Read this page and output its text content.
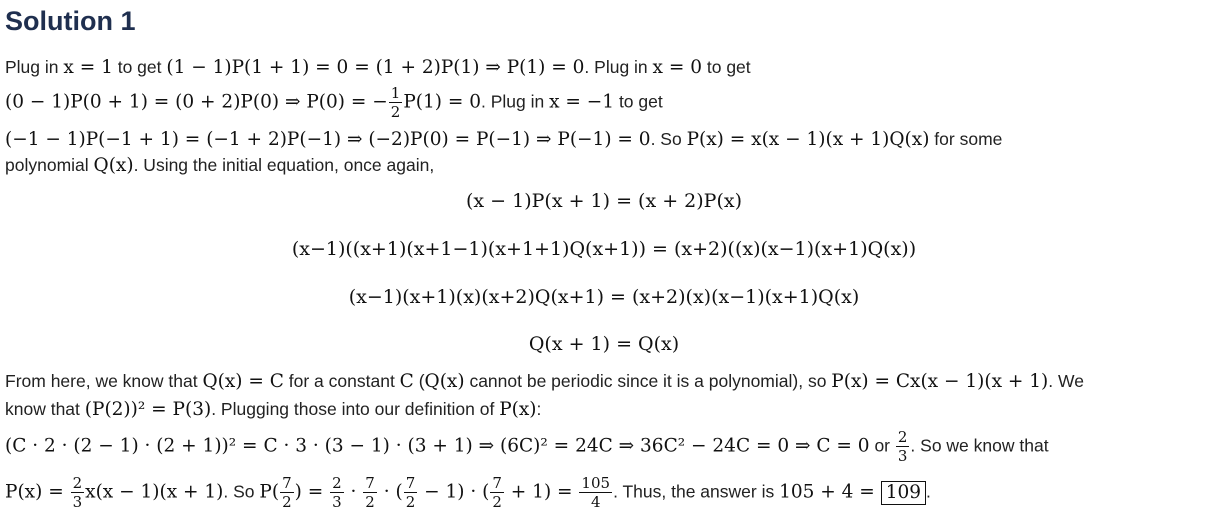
Solution 1
Plug in x = 1 to get (1 − 1)P(1 + 1) = 0 = (1 + 2)P(1) ⇒ P(1) = 0. Plug in x = 0 to get
(0 − 1)P(0 + 1) = (0 + 2)P(0) ⇒ P(0) = − $\frac{1}{2} P(1) = 0$. Plug in x = −1 to get
(−1 − 1)P(−1 + 1) = (−1 + 2)P(−1) ⇒ (−2)P(0) = P(−1) ⇒ P(−1) = 0. So P(x) = x(x − 1)(x + 1)Q(x) for some
polynomial Q(x). Using the initial equation, once again,
(x − 1)P(x + 1) = (x + 2)P(x)
(x−1)((x+1)(x+1−1)(x+1+1)Q(x+1)) = (x+2)((x)(x−1)(x+1)Q(x))
(x−1)(x+1)(x)(x+2)Q(x+1) = (x+2)(x)(x−1)(x+1)Q(x)
Q(x + 1) = Q(x)
From here, we know that Q(x) = C for a constant C (Q(x) cannot be periodic since it is a polynomial), so P(x) = Cx(x − 1)(x + 1). We
know that (P(2))² = P(3). Plugging those into our definition of P(x):
(C · 2 · (2 − 1) · (2 + 1))² = C · 3 · (3 − 1) · (3 + 1) ⇒ (6C)² = 24C ⇒ 36C² − 24C = 0 ⇒ C = 0 or $\frac{2}{3}$ . So we know that
$P(x) = \frac{2}{3} x(x - 1)(x + 1)$. So $P( \frac{7}{2}$ ) = $\frac{2}{3} \cdot \frac{7}{2}$ · ( $\frac{7}{2} - 1$) · ( $\frac{7}{2} + 1) = \frac{105}{4}$ . Thus, the answer is 105 + 4 = 109 .
